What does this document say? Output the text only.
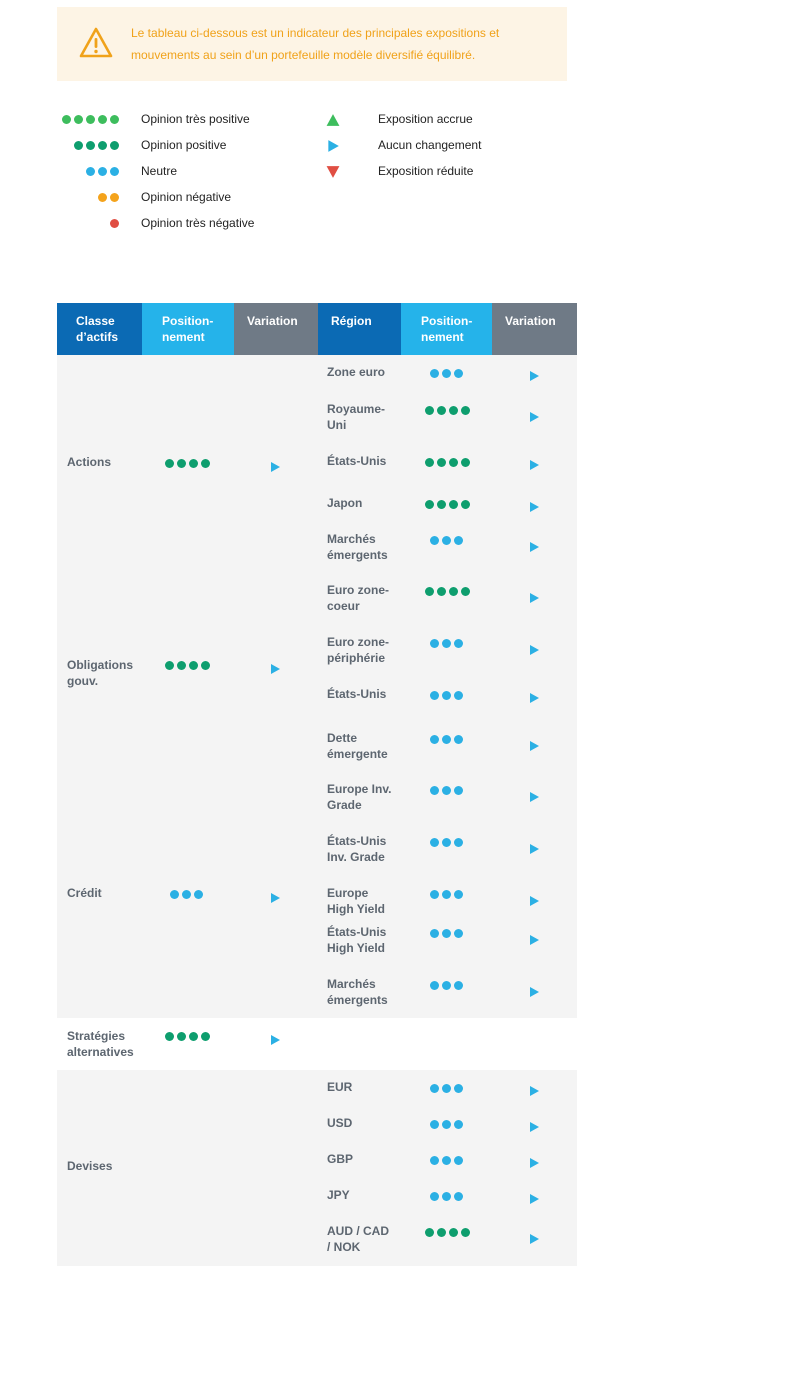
Le tableau ci-dessous est un indicateur des principales expositions et mouvements au sein d’un portefeuille modèle diversifié équilibré.
Opinion très positive
Opinion positive
Neutre
Opinion négative
Opinion très négative
Exposition accrue
Aucun changement
Exposition réduite
Classe
d’actifs
Position-
nement
Variation	Région	Position-
nement
Variation
Actions
Zone euro
Royaume-
Uni
États-Unis
Japon
Marchés
émergents
Obligations
gouv.
Euro zone-
coeur
Euro zone-
périphérie
États-Unis
Dette
émergente
Crédit
Europe Inv.
Grade
États-Unis
Inv. Grade
Europe
High Yield
États-Unis
High Yield
Marchés
émergents
Stratégies
alternatives
Devises
EUR
USD
GBP
JPY
AUD / CAD
/ NOK
